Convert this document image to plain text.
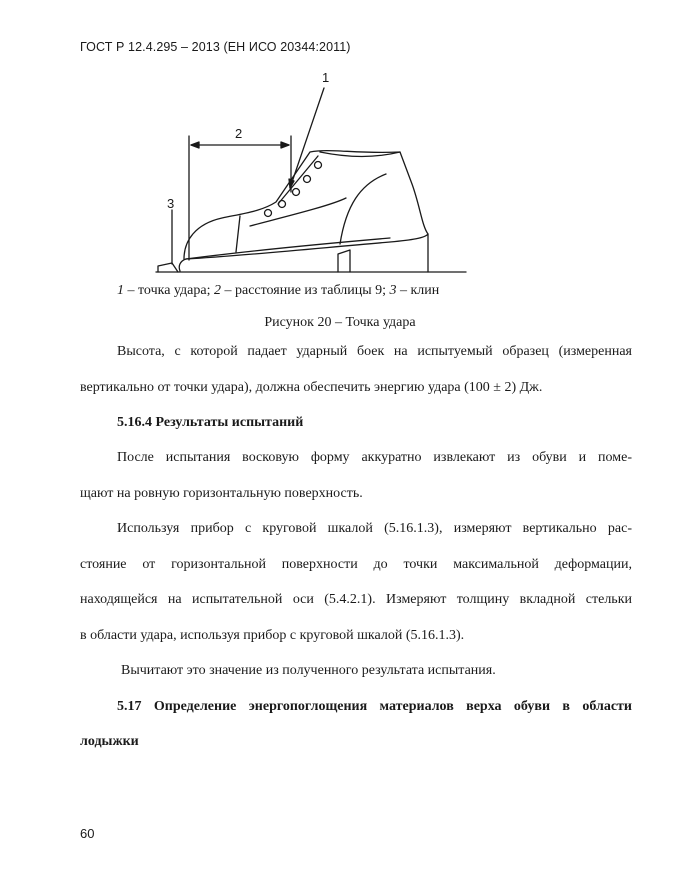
ГОСТ Р 12.4.295 – 2013 (ЕН ИСО 20344:2011)
1
2
3
1 – точка удара; 2 – расстояние из таблицы 9; 3 – клин
Рисунок 20 – Точка удара
Высота, с которой падает ударный боек на испытуемый образец (измеренная
вертикально от точки удара), должна обеспечить энергию удара (100 ± 2) Дж.
5.16.4 Результаты испытаний
После испытания восковую форму аккуратно извлекают из обуви и поме-
щают на ровную горизонтальную поверхность.
Используя прибор с круговой шкалой (5.16.1.3), измеряют вертикально рас-
стояние от горизонтальной поверхности до точки максимальной деформации,
находящейся на испытательной оси (5.4.2.1). Измеряют толщину вкладной стельки
в области удара, используя прибор с круговой шкалой (5.16.1.3).
Вычитают это значение из полученного результата испытания.
5.17 Определение энергопоглощения материалов верха обуви в области
лодыжки
60
